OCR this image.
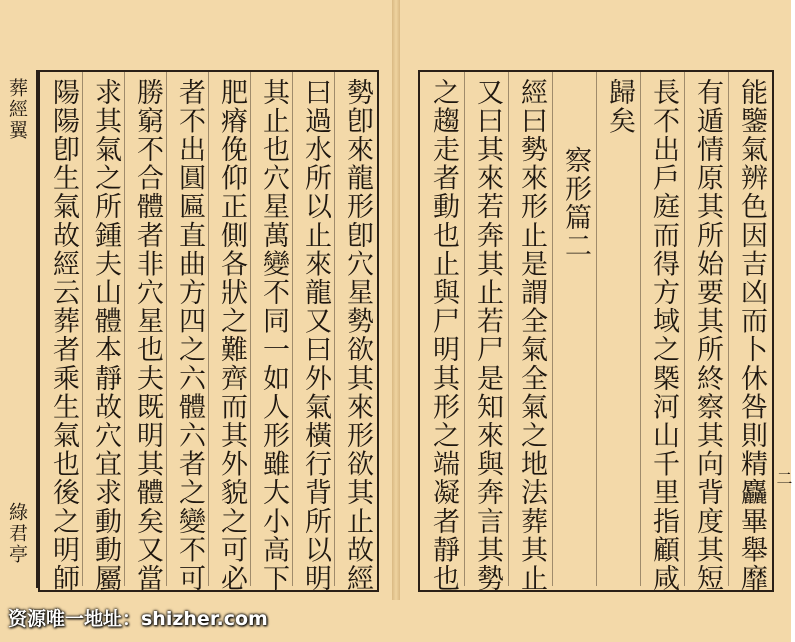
葬經翼
綠君亭	勢卽來龍形卽穴星勢欲其來形欲其止故經
曰過水所以止來龍又曰外氣橫行背所以明
其止也穴星萬變不同一如人形雖大小高下
肥瘠俛仰正側各狀之難齊而其外貌之可必
者不出圓匾直曲方四之六體六者之變不可
勝窮不合體者非穴星也夫既明其體矣又當
求其氣之所鍾夫山體本靜故穴宜求動動屬
陽陽卽生氣故經云葬者乘生氣也後之明師	能鑒氣辨色因吉凶而卜休咎則精麤畢舉靡
有遁情原其所始要其所終察其向背度其短
長不出戶庭而得方域之槩河山千里指顧咸
歸矣
察形篇二
經曰勢來形止是謂全氣全氣之地法葬其止
又曰其來若奔其止若尸是知來與奔言其勢
之趨走者動也止與尸明其形之端凝者靜也	二
资源唯一地址：shizher.com
